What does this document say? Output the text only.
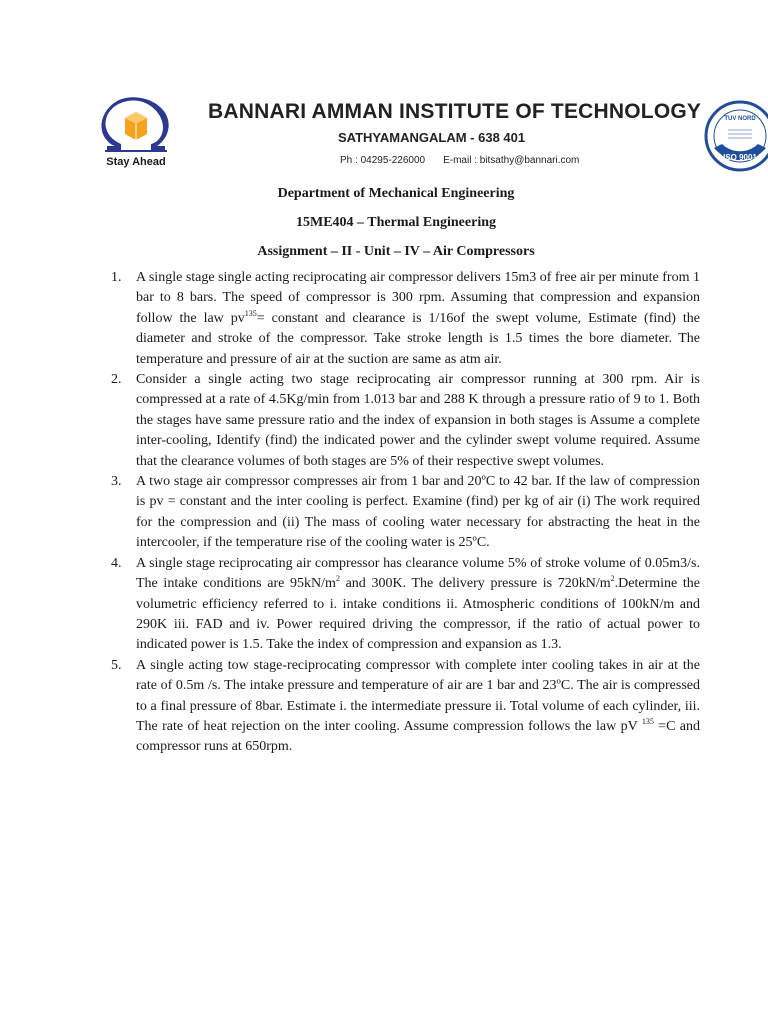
Stay Ahead
BANNARI AMMAN INSTITUTE OF TECHNOLOGY
SATHYAMANGALAM - 638 401
Ph : 04295-226000 E-mail : bitsathy@bannari.com
TUV NORD
ISO 9001
Department of Mechanical Engineering
15ME404 – Thermal Engineering
Assignment – II - Unit – IV – Air Compressors
1. A single stage single acting reciprocating air compressor delivers 15m3 of free air per minute from 1 bar to 8 bars. The speed of compressor is 300 rpm. Assuming that compression and expansion follow the law $pv^{135}=$ constant and clearance is 1/16of the swept volume, Estimate (find) the diameter and stroke of the compressor. Take stroke length is 1.5 times the bore diameter. The temperature and pressure of air at the suction are same as atm air.
2. Consider a single acting two stage reciprocating air compressor running at 300 rpm. Air is compressed at a rate of 4.5Kg/min from 1.013 bar and 288 K through a pressure ratio of 9 to 1. Both the stages have same pressure ratio and the index of expansion in both stages is Assume a complete inter-cooling, Identify (find) the indicated power and the cylinder swept volume required. Assume that the clearance volumes of both stages are 5% of their respective swept volumes.
3. A two stage air compressor compresses air from 1 bar and 20ºC to 42 bar. If the law of compression is pv = constant and the inter cooling is perfect. Examine (find) per kg of air (i) The work required for the compression and (ii) The mass of cooling water necessary for abstracting the heat in the intercooler, if the temperature rise of the cooling water is 25ºC.
4. A single stage reciprocating air compressor has clearance volume 5% of stroke volume of 0.05m3/s. The intake conditions are $95kN/m^2$ and 300K. The delivery pressure is $720kN/m^2.Determine$ the volumetric efficiency referred to i. intake conditions ii. Atmospheric conditions of 100kN/m and 290K iii. FAD and iv. Power required driving the compressor, if the ratio of actual power to indicated power is 1.5. Take the index of compression and expansion as 1.3.
5. A single acting tow stage-reciprocating compressor with complete inter cooling takes in air at the rate of 0.5m /s. The intake pressure and temperature of air are 1 bar and 23ºC. The air is compressed to a final pressure of 8bar. Estimate i. the intermediate pressure ii. Total volume of each cylinder, iii. The rate of heat rejection on the inter cooling. Assume compression follows the law pV $^{135}$ =C and compressor runs at 650rpm.
